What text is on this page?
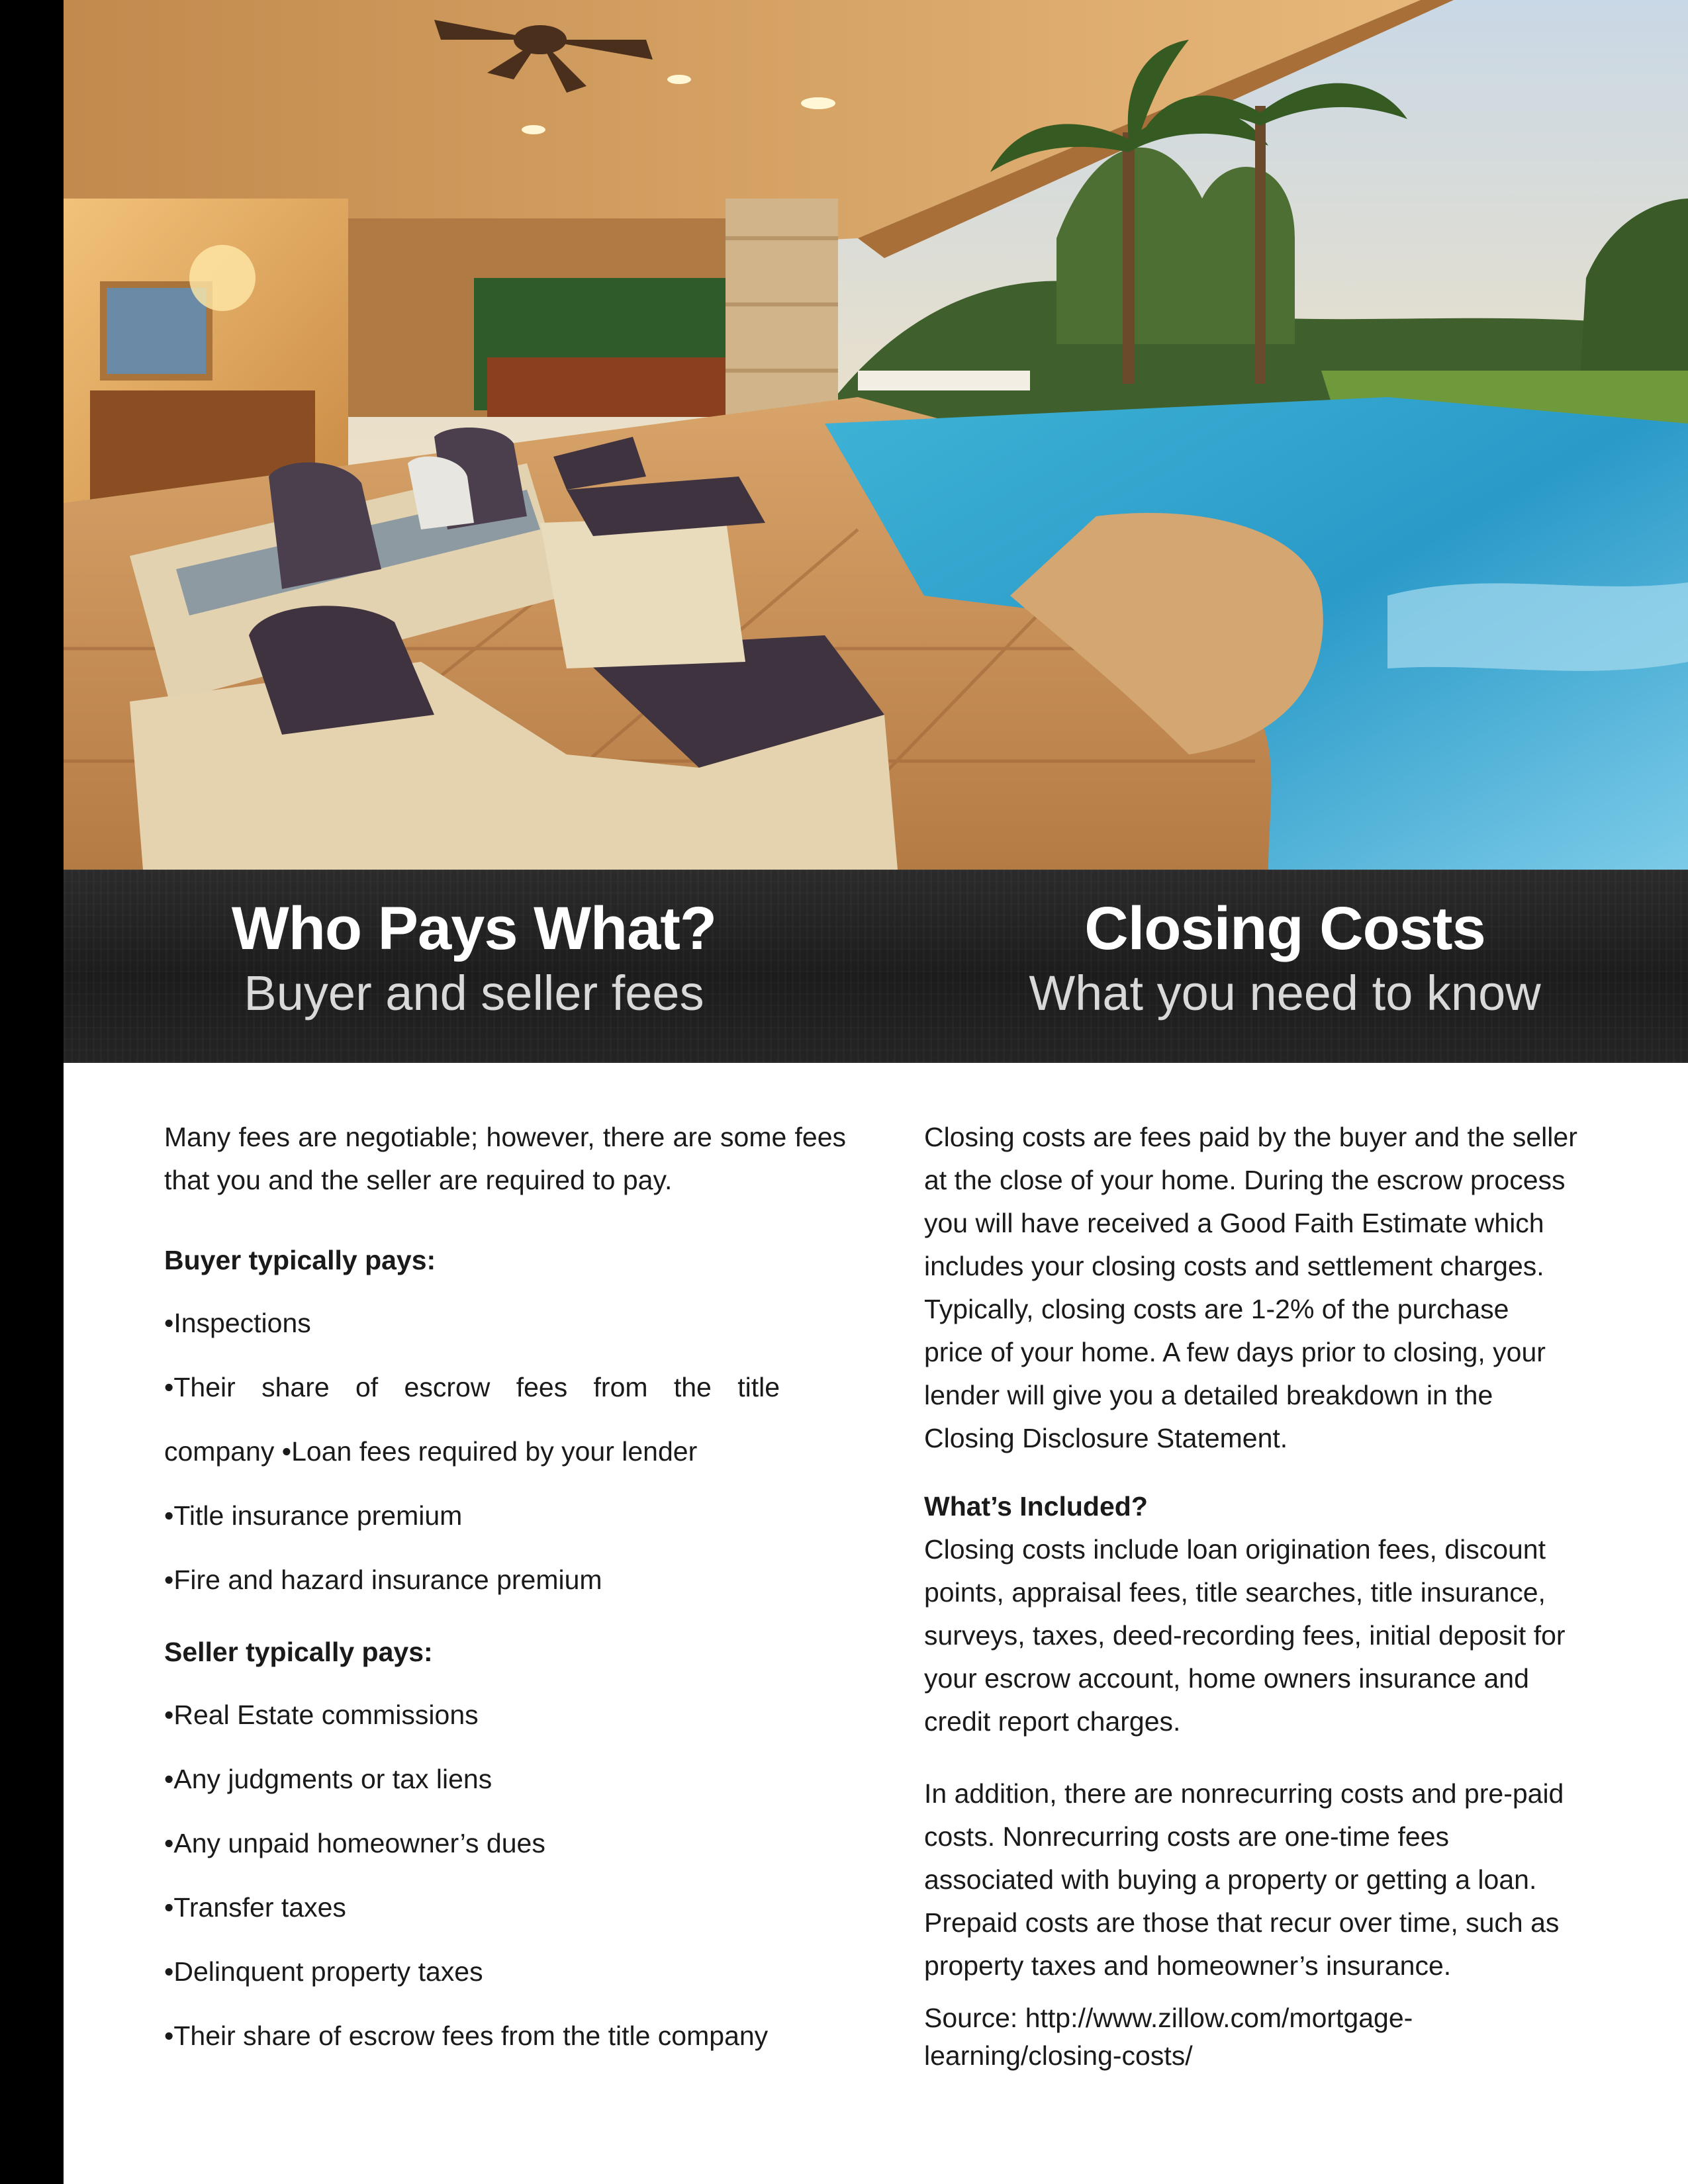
Who Pays What?
Buyer and seller fees
Closing Costs
What you need to know

Many fees are negotiable; however, there are some fees that you and the seller are required to pay.

Buyer typically pays:

•Inspections

•Their share of escrow fees from the title

company •Loan fees required by your lender

•Title insurance premium

•Fire and hazard insurance premium

Seller typically pays:

•Real Estate commissions

•Any judgments or tax liens

•Any unpaid homeowner’s dues

•Transfer taxes

•Delinquent property taxes

•Their share of escrow fees from the title company

Closing costs are fees paid by the buyer and the seller

at the close of your home. During the escrow process

you will have received a Good Faith Estimate which

includes your closing costs and settlement charges.

Typically, closing costs are 1-2% of the purchase

price of your home. A few days prior to closing, your

lender will give you a detailed breakdown in the

Closing Disclosure Statement.

What’s Included?

Closing costs include loan origination fees, discount

points, appraisal fees, title searches, title insurance,

surveys, taxes, deed-recording fees, initial deposit for

your escrow account, home owners insurance and

credit report charges.

In addition, there are nonrecurring costs and pre-paid

costs. Nonrecurring costs are one-time fees

associated with buying a property or getting a loan.

Prepaid costs are those that recur over time, such as

property taxes and homeowner’s insurance.

Source: http://www.zillow.com/mortgage-

learning/closing-costs/
